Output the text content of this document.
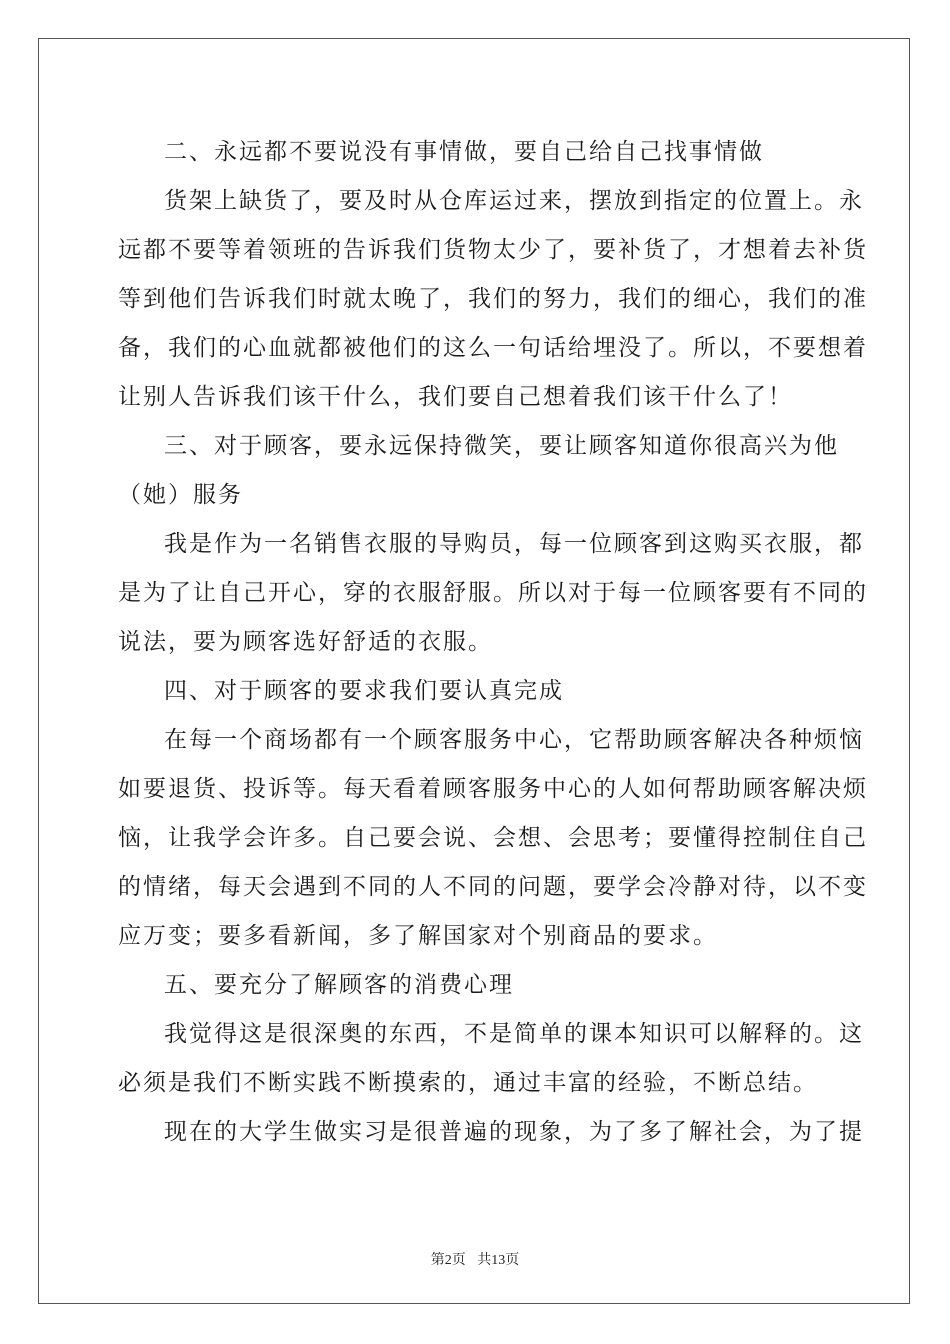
二、永远都不要说没有事情做，要自己给自己找事情做
货架上缺货了，要及时从仓库运过来，摆放到指定的位置上。永
远都不要等着领班的告诉我们货物太少了，要补货了，才想着去补货
等到他们告诉我们时就太晚了，我们的努力，我们的细心，我们的准
备，我们的心血就都被他们的这么一句话给埋没了。所以，不要想着
让别人告诉我们该干什么，我们要自己想着我们该干什么了！
三、对于顾客，要永远保持微笑，要让顾客知道你很高兴为他
（她）服务
我是作为一名销售衣服的导购员，每一位顾客到这购买衣服，都
是为了让自己开心，穿的衣服舒服。所以对于每一位顾客要有不同的
说法，要为顾客选好舒适的衣服。
四、对于顾客的要求我们要认真完成
在每一个商场都有一个顾客服务中心，它帮助顾客解决各种烦恼
如要退货、投诉等。每天看着顾客服务中心的人如何帮助顾客解决烦
恼，让我学会许多。自己要会说、会想、会思考；要懂得控制住自己
的情绪，每天会遇到不同的人不同的问题，要学会冷静对待，以不变
应万变；要多看新闻，多了解国家对个别商品的要求。
五、要充分了解顾客的消费心理
我觉得这是很深奥的东西，不是简单的课本知识可以解释的。这
必须是我们不断实践不断摸索的，通过丰富的经验，不断总结。
现在的大学生做实习是很普遍的现象，为了多了解社会，为了提
第2页 共13页
